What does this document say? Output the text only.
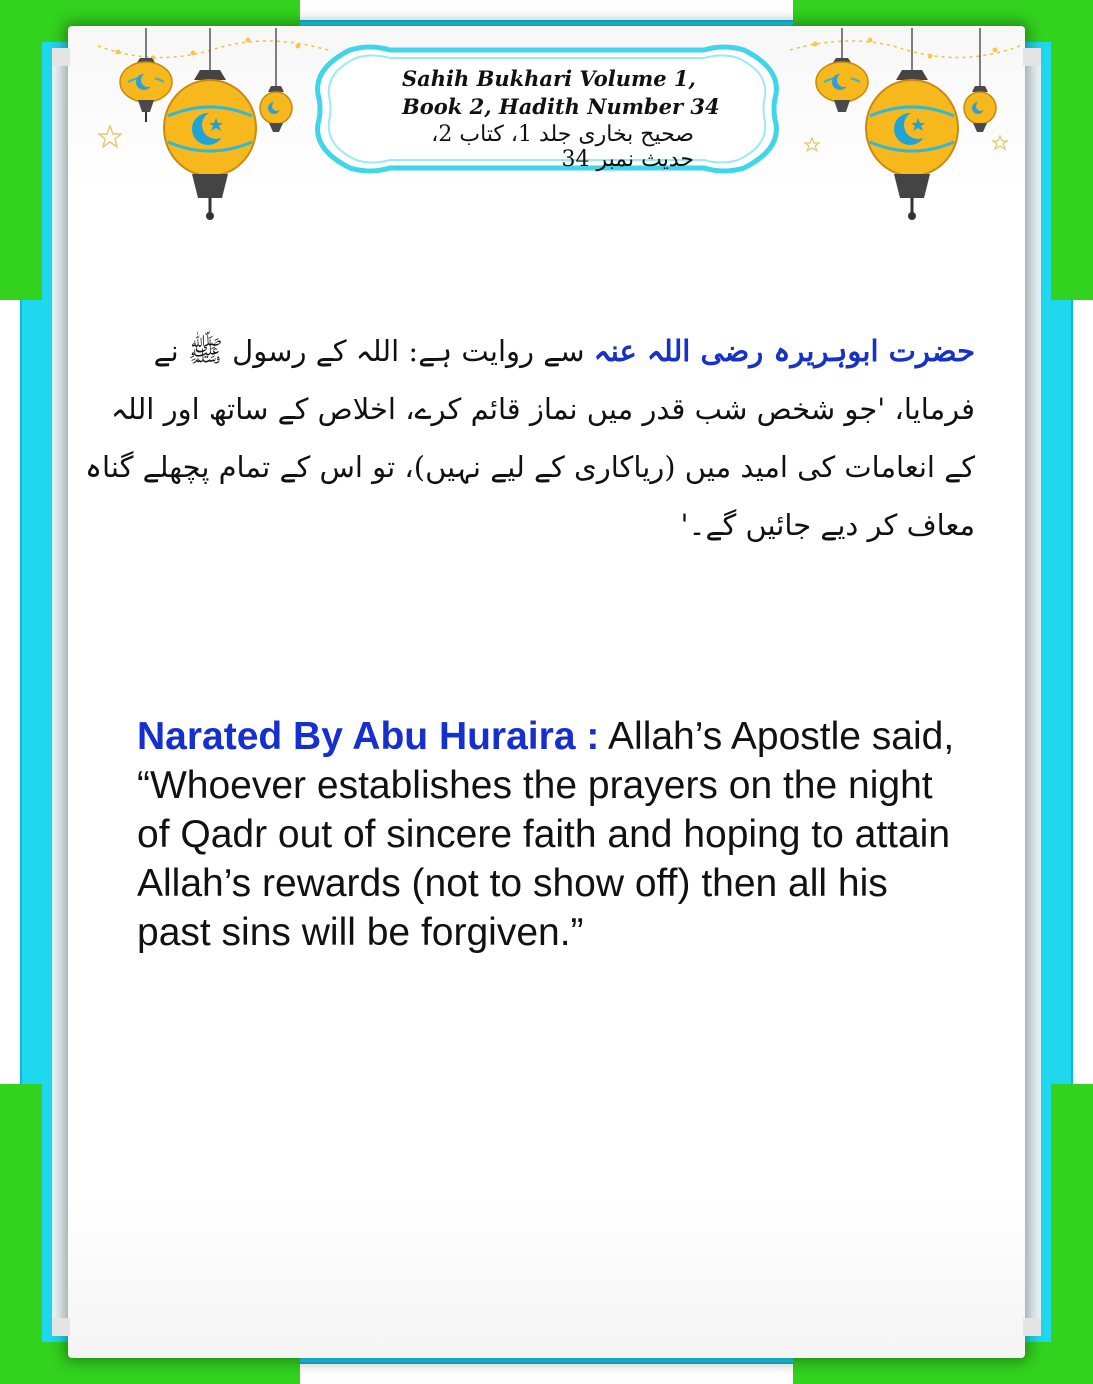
Sahih Bukhari Volume 1,
Book 2, Hadith Number 34
صحیح بخاری جلد 1، کتاب 2، حدیث نمبر 34
حضرت ابوہریرہ رضی اللہ عنہ سے روایت ہے: اللہ کے رسول ﷺ نے فرمایا، 'جو شخص شب قدر میں نماز قائم کرے، اخلاص کے ساتھ اور اللہ کے انعامات کی امید میں (ریاکاری کے لیے نہیں)، تو اس کے تمام پچھلے گناہ معاف کر دیے جائیں گے۔'
Narated By Abu Huraira : Allah’s Apostle said, “Whoever establishes the prayers on the night of Qadr out of sincere faith and hoping to attain Allah’s rewards (not to show off) then all his past sins will be forgiven.”
